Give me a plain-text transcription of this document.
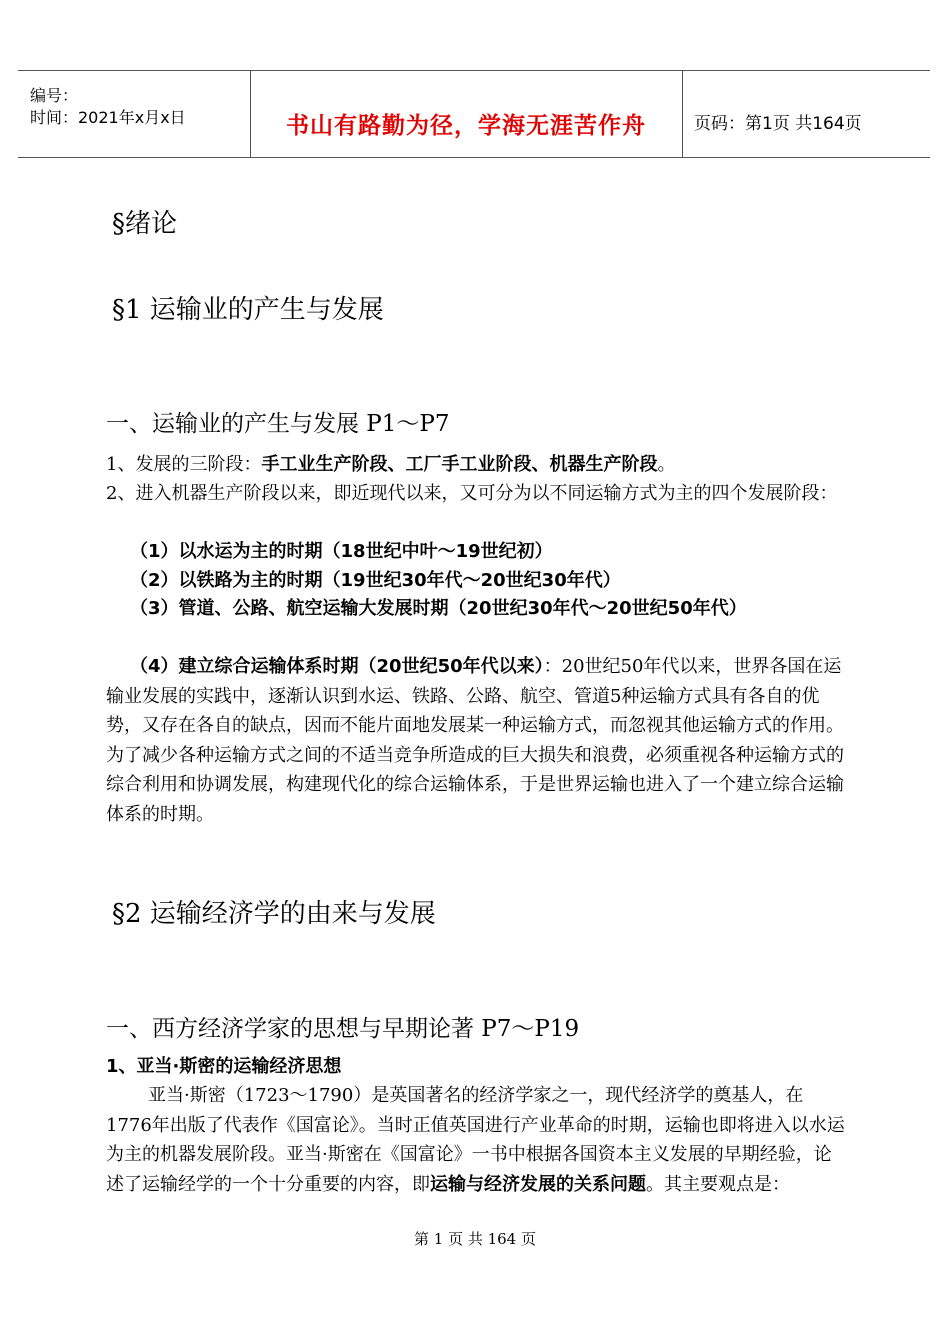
编号：
时间：2021年x月x日	书山有路勤为径，学海无涯苦作舟	页码：第1页 共164页
§绪论
§1 运输业的产生与发展
一、运输业的产生与发展 P1～P7
1、发展的三阶段：手工业生产阶段、工厂手工业阶段、机器生产阶段。
2、进入机器生产阶段以来，即近现代以来，又可分为以不同运输方式为主的四个发展阶段：
（1）以水运为主的时期（18世纪中叶～19世纪初）
（2）以铁路为主的时期（19世纪30年代～20世纪30年代）
（3）管道、公路、航空运输大发展时期（20世纪30年代～20世纪50年代）
（4）建立综合运输体系时期（20世纪50年代以来）：20世纪50年代以来，世界各国在运输业发展的实践中，逐渐认识到水运、铁路、公路、航空、管道5种运输方式具有各自的优势，又存在各自的缺点，因而不能片面地发展某一种运输方式，而忽视其他运输方式的作用。为了减少各种运输方式之间的不适当竞争所造成的巨大损失和浪费，必须重视各种运输方式的综合利用和协调发展，构建现代化的综合运输体系，于是世界运输也进入了一个建立综合运输体系的时期。
§2 运输经济学的由来与发展
一、西方经济学家的思想与早期论著 P7～P19
1、亚当·斯密的运输经济思想
亚当·斯密（1723～1790）是英国著名的经济学家之一，现代经济学的奠基人，在1776年出版了代表作《国富论》。当时正值英国进行产业革命的时期，运输也即将进入以水运为主的机器发展阶段。亚当·斯密在《国富论》一书中根据各国资本主义发展的早期经验，论述了运输经学的一个十分重要的内容，即运输与经济发展的关系问题。其主要观点是：
第 1 页 共 164 页
